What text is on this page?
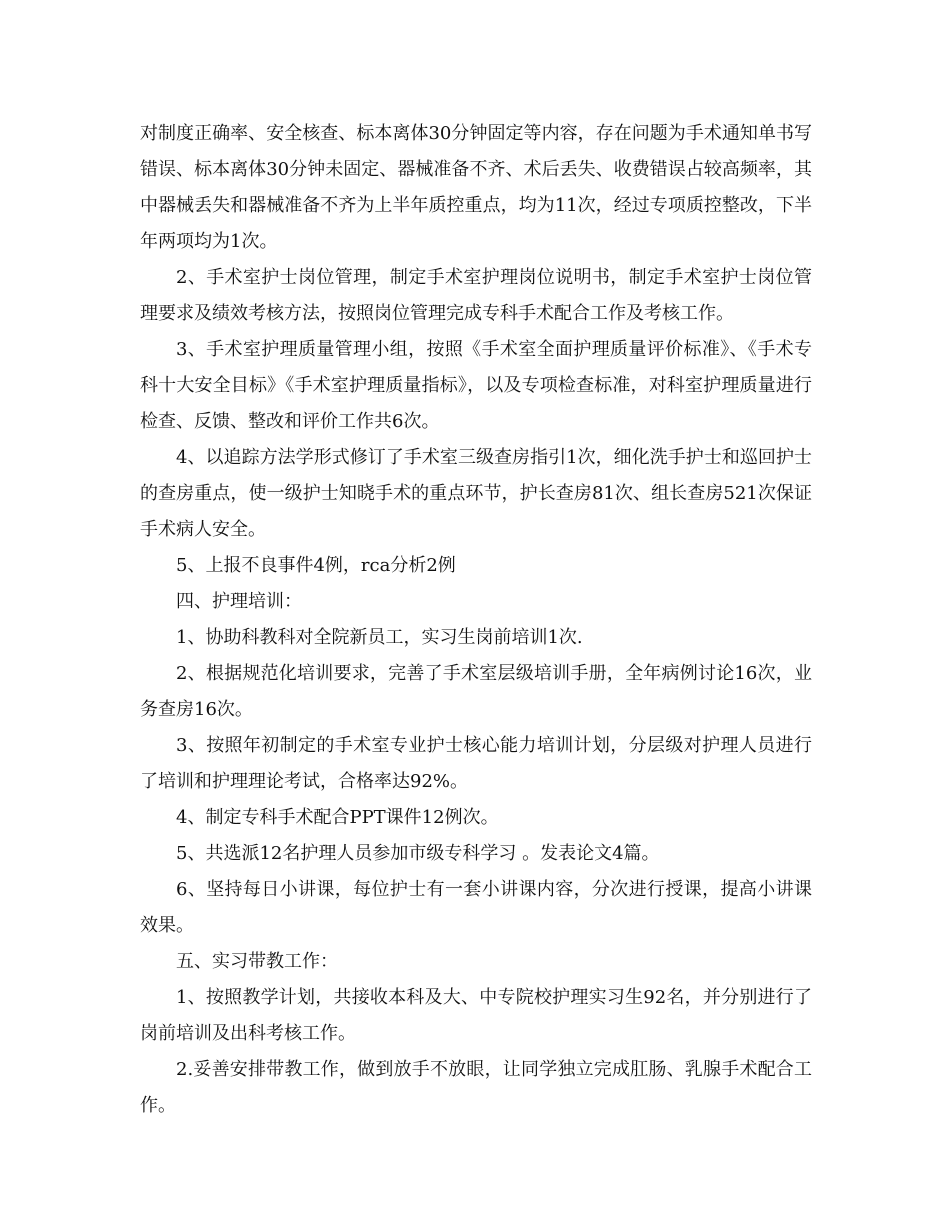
对制度正确率、安全核查、标本离体30分钟固定等内容，存在问题为手术通知单书写错误、标本离体30分钟未固定、器械准备不齐、术后丢失、收费错误占较高频率，其中器械丢失和器械准备不齐为上半年质控重点，均为11次，经过专项质控整改，下半年两项均为1次。

2、手术室护士岗位管理，制定手术室护理岗位说明书，制定手术室护士岗位管理要求及绩效考核方法，按照岗位管理完成专科手术配合工作及考核工作。

3、手术室护理质量管理小组，按照《手术室全面护理质量评价标准》、《手术专科十大安全目标》《手术室护理质量指标》，以及专项检查标准，对科室护理质量进行检查、反馈、整改和评价工作共6次。

4、以追踪方法学形式修订了手术室三级查房指引1次，细化洗手护士和巡回护士的查房重点，使一级护士知晓手术的重点环节，护长查房81次、组长查房521次保证手术病人安全。

5、上报不良事件4例，rca分析2例

四、护理培训：

1、协助科教科对全院新员工，实习生岗前培训1次.

2、根据规范化培训要求，完善了手术室层级培训手册，全年病例讨论16次，业务查房16次。

3、按照年初制定的手术室专业护士核心能力培训计划，分层级对护理人员进行了培训和护理理论考试，合格率达92%。

4、制定专科手术配合PPT课件12例次。

5、共选派12名护理人员参加市级专科学习 。发表论文4篇。

6、坚持每日小讲课，每位护士有一套小讲课内容，分次进行授课，提高小讲课效果。

五、实习带教工作：

1、按照教学计划，共接收本科及大、中专院校护理实习生92名，并分别进行了岗前培训及出科考核工作。

2.妥善安排带教工作，做到放手不放眼，让同学独立完成肛肠、乳腺手术配合工作。
